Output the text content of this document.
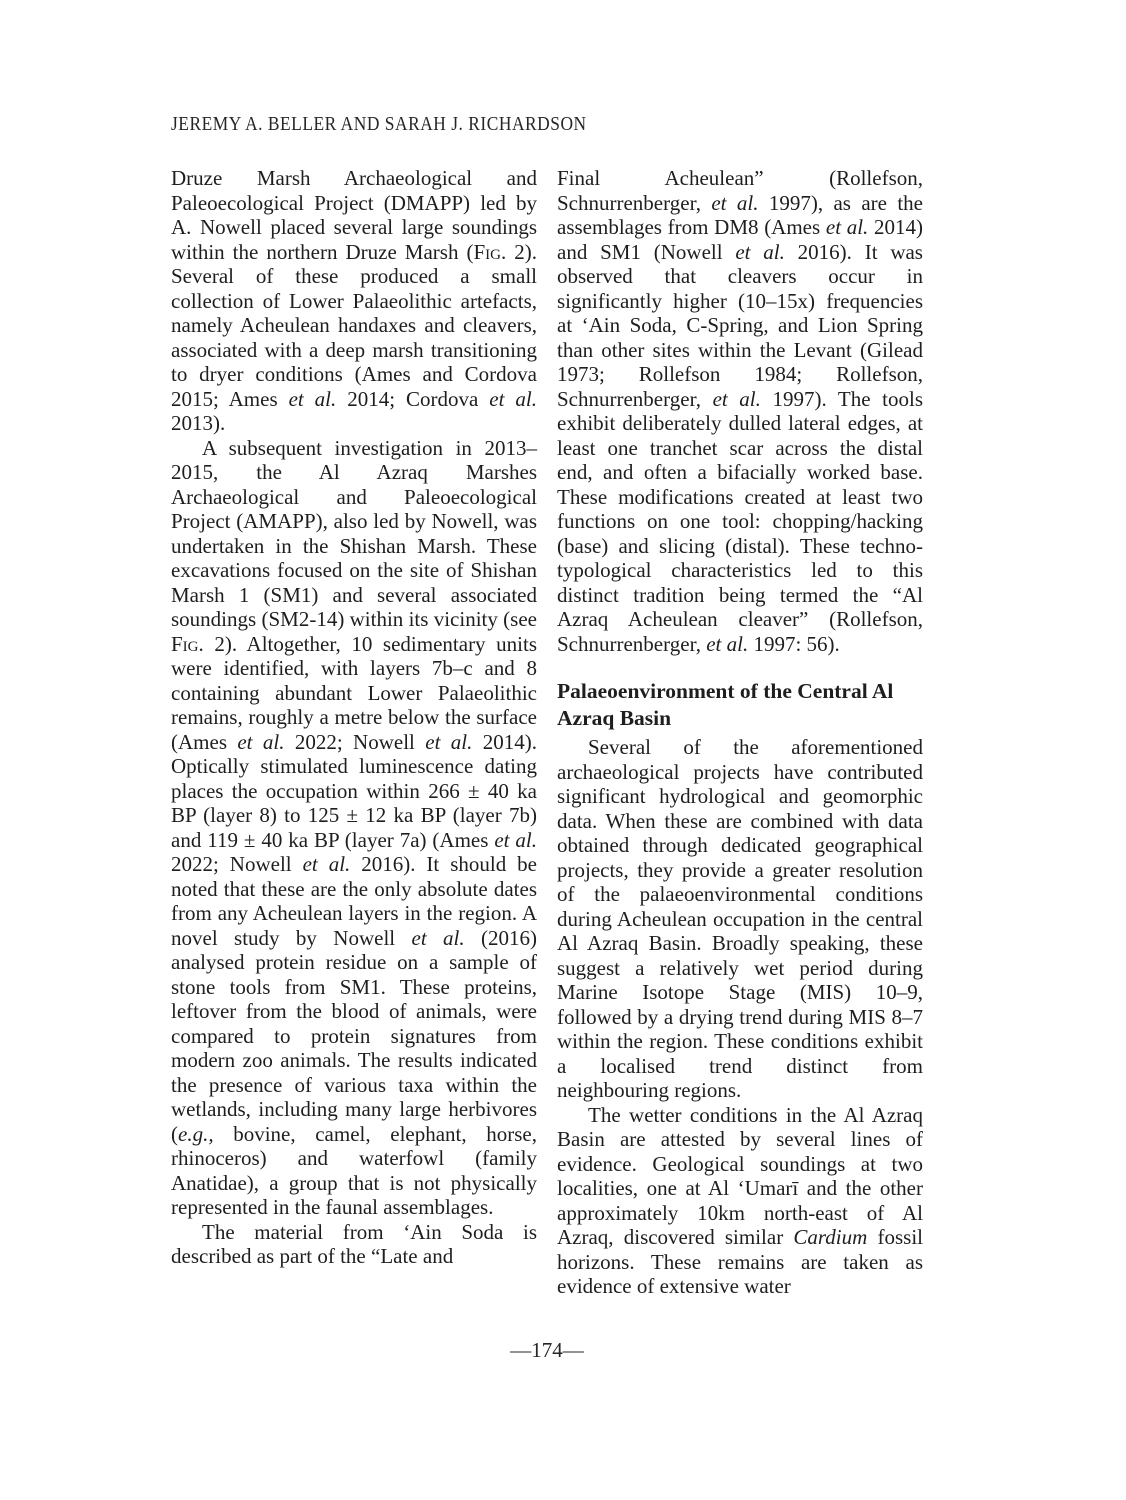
JEREMY A. BELLER AND SARAH J. RICHARDSON

Druze Marsh Archaeological and Paleoecological Project (DMAPP) led by A. Nowell placed several large soundings within the northern Druze Marsh (Fig. 2). Several of these produced a small collection of Lower Palaeolithic artefacts, namely Acheulean handaxes and cleavers, associated with a deep marsh transitioning to dryer conditions (Ames and Cordova 2015; Ames et al. 2014; Cordova et al. 2013).

A subsequent investigation in 2013–2015, the Al Azraq Marshes Archaeological and Paleoecological Project (AMAPP), also led by Nowell, was undertaken in the Shishan Marsh. These excavations focused on the site of Shishan Marsh 1 (SM1) and several associated soundings (SM2-14) within its vicinity (see Fig. 2). Altogether, 10 sedimentary units were identified, with layers 7b–c and 8 containing abundant Lower Palaeolithic remains, roughly a metre below the surface (Ames et al. 2022; Nowell et al. 2014). Optically stimulated luminescence dating places the occupation within 266 ± 40 ka BP (layer 8) to 125 ± 12 ka BP (layer 7b) and 119 ± 40 ka BP (layer 7a) (Ames et al. 2022; Nowell et al. 2016). It should be noted that these are the only absolute dates from any Acheulean layers in the region. A novel study by Nowell et al. (2016) analysed protein residue on a sample of stone tools from SM1. These proteins, leftover from the blood of animals, were compared to protein signatures from modern zoo animals. The results indicated the presence of various taxa within the wetlands, including many large herbivores (e.g., bovine, camel, elephant, horse, rhinoceros) and waterfowl (family Anatidae), a group that is not physically represented in the faunal assemblages.

The material from ‘Ain Soda is described as part of the “Late and

Final Acheulean” (Rollefson, Schnurrenberger, et al. 1997), as are the assemblages from DM8 (Ames et al. 2014) and SM1 (Nowell et al. 2016). It was observed that cleavers occur in significantly higher (10–15x) frequencies at ‘Ain Soda, C-Spring, and Lion Spring than other sites within the Levant (Gilead 1973; Rollefson 1984; Rollefson, Schnurrenberger, et al. 1997). The tools exhibit deliberately dulled lateral edges, at least one tranchet scar across the distal end, and often a bifacially worked base. These modifications created at least two functions on one tool: chopping/hacking (base) and slicing (distal). These techno-typological characteristics led to this distinct tradition being termed the “Al Azraq Acheulean cleaver” (Rollefson, Schnurrenberger, et al. 1997: 56).

Palaeoenvironment of the Central Al Azraq Basin

Several of the aforementioned archaeological projects have contributed significant hydrological and geomorphic data. When these are combined with data obtained through dedicated geographical projects, they provide a greater resolution of the palaeoenvironmental conditions during Acheulean occupation in the central Al Azraq Basin. Broadly speaking, these suggest a relatively wet period during Marine Isotope Stage (MIS) 10–9, followed by a drying trend during MIS 8–7 within the region. These conditions exhibit a localised trend distinct from neighbouring regions.

The wetter conditions in the Al Azraq Basin are attested by several lines of evidence. Geological soundings at two localities, one at Al ‘Umarī and the other approximately 10km north-east of Al Azraq, discovered similar Cardium fossil horizons. These remains are taken as evidence of extensive water

—174—
